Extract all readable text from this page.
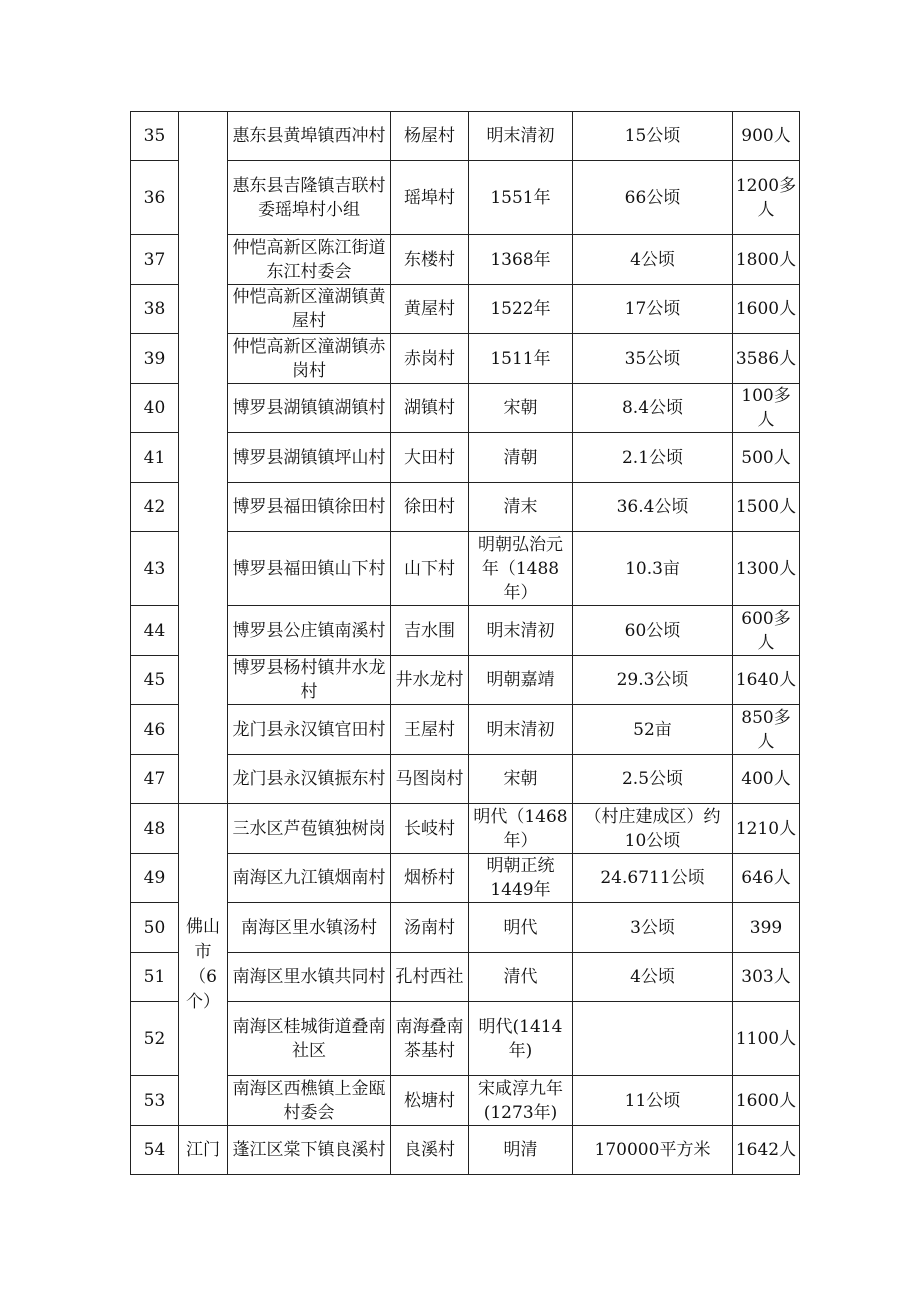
35		惠东县黄埠镇西冲村	杨屋村	明末清初	15公顷	900人
36		惠东县吉隆镇吉联村委瑶埠村小组	瑶埠村	1551年	66公顷	1200多人
37		仲恺高新区陈江街道东江村委会	东楼村	1368年	4公顷	1800人
38		仲恺高新区潼湖镇黄屋村	黄屋村	1522年	17公顷	1600人
39		仲恺高新区潼湖镇赤岗村	赤岗村	1511年	35公顷	3586人
40		博罗县湖镇镇湖镇村	湖镇村	宋朝	8.4公顷	100多人
41		博罗县湖镇镇坪山村	大田村	清朝	2.1公顷	500人
42		博罗县福田镇徐田村	徐田村	清末	36.4公顷	1500人
43		博罗县福田镇山下村	山下村	明朝弘治元年（1488年）	10.3亩	1300人
44		博罗县公庄镇南溪村	吉水围	明末清初	60公顷	600多人
45		博罗县杨村镇井水龙村	井水龙村	明朝嘉靖	29.3公顷	1640人
46		龙门县永汉镇官田村	王屋村	明末清初	52亩	850多人
47		龙门县永汉镇振东村	马图岗村	宋朝	2.5公顷	400人
48	佛山市（6个）	三水区芦苞镇独树岗	长岐村	明代（1468年）	（村庄建成区）约10公顷	1210人
49		南海区九江镇烟南村	烟桥村	明朝正统1449年	24.6711公顷	646人
50		南海区里水镇汤村	汤南村	明代	3公顷	399
51		南海区里水镇共同村	孔村西社	清代	4公顷	303人
52		南海区桂城街道叠南社区	南海叠南茶基村	明代(1414年)		1100人
53		南海区西樵镇上金瓯村委会	松塘村	宋咸淳九年(1273年)	11公顷	1600人
54	江门	蓬江区棠下镇良溪村	良溪村	明清	170000平方米	1642人
